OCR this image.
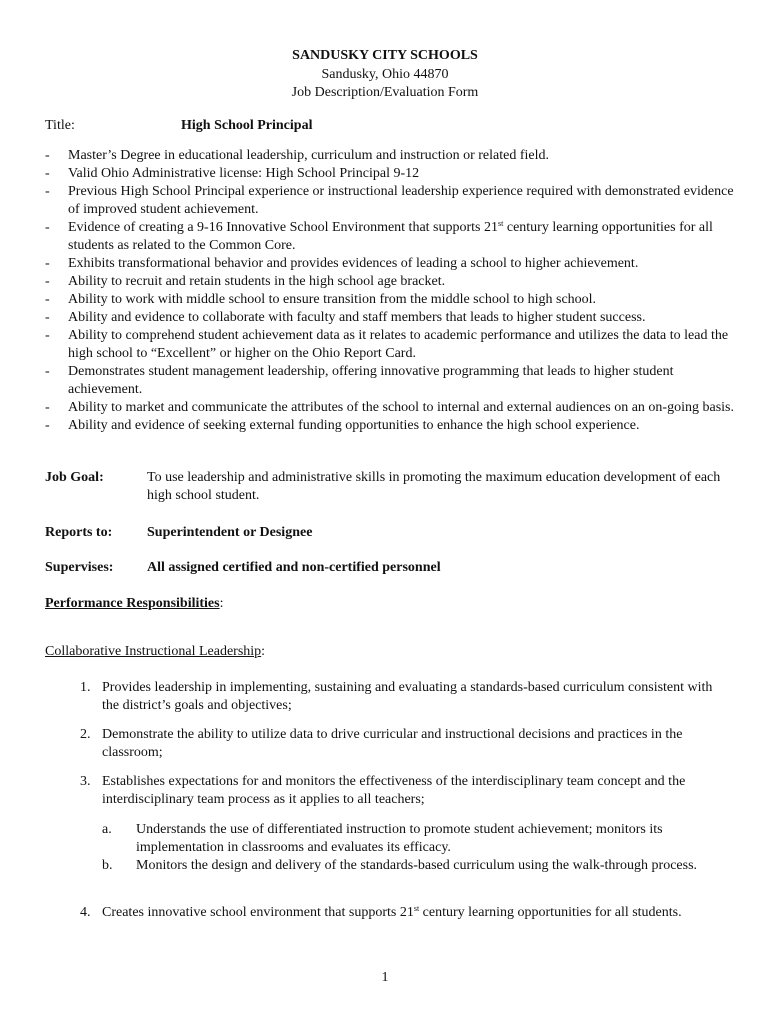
SANDUSKY CITY SCHOOLS
Sandusky, Ohio 44870
Job Description/Evaluation Form
Title:	High School Principal
- Master’s Degree in educational leadership, curriculum and instruction or related field.
- Valid Ohio Administrative license: High School Principal 9-12
- Previous High School Principal experience or instructional leadership experience required with demonstrated evidence of improved student achievement.
- Evidence of creating a 9-16 Innovative School Environment that supports 21st century learning opportunities for all students as related to the Common Core.
- Exhibits transformational behavior and provides evidences of leading a school to higher achievement.
- Ability to recruit and retain students in the high school age bracket.
- Ability to work with middle school to ensure transition from the middle school to high school.
- Ability and evidence to collaborate with faculty and staff members that leads to higher student success.
- Ability to comprehend student achievement data as it relates to academic performance and utilizes the data to lead the high school to “Excellent” or higher on the Ohio Report Card.
- Demonstrates student management leadership, offering innovative programming that leads to higher student achievement.
- Ability to market and communicate the attributes of the school to internal and external audiences on an on-going basis.
- Ability and evidence of seeking external funding opportunities to enhance the high school experience.
Job Goal:	To use leadership and administrative skills in promoting the maximum education development of each high school student.
Reports to: Superintendent or Designee
Supervises: All assigned certified and non-certified personnel
Performance Responsibilities:
Collaborative Instructional Leadership:
1. Provides leadership in implementing, sustaining and evaluating a standards-based curriculum consistent with the district’s goals and objectives;
2. Demonstrate the ability to utilize data to drive curricular and instructional decisions and practices in the classroom;
3. Establishes expectations for and monitors the effectiveness of the interdisciplinary team concept and the interdisciplinary team process as it applies to all teachers;
a. Understands the use of differentiated instruction to promote student achievement; monitors its implementation in classrooms and evaluates its efficacy.
b. Monitors the design and delivery of the standards-based curriculum using the walk-through process.
4. Creates innovative school environment that supports 21st century learning opportunities for all students.
1
